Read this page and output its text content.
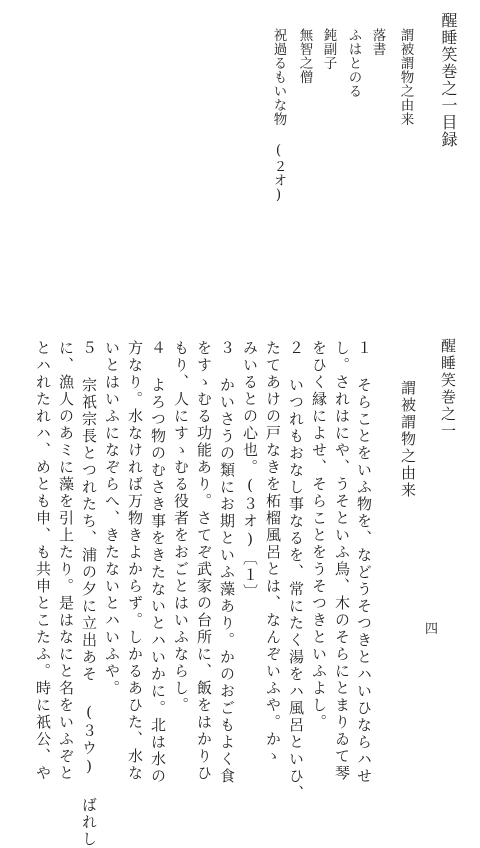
醒睡笑巻之一目録
謂被謂物之由来
落書
ふはとのる
鈍副子
無智之僧
祝過るもいな物 (２オ)
醒睡笑巻之一
謂被謂物之由来
１ そらことをいふ物を、などうそつきとハいひならハせ
し。されはにや、うそといふ鳥、木のそらにとまりゐて琴
をひく縁によせ、そらことをうそつきといふよし。
２ いつれもおなし事なるを、常にたく湯をハ風呂といひ、
たてあけの戸なきを柘榴風呂とは、なんぞいふや。かゝ
みいるとの心也。(３オ)〔１〕
３ かいさうの類にお期といふ藻あり。かのおごもよく食
をすゝむる功能あり。さてぞ武家の台所に、飯をはかりひ
もり、人にすゝむる役者をおごとはいふならし。
４ よろつ物のむさき事をきたないとハいかに。北は水の
方なり。水なければ万物きよからず。しかるあひた、水な
いとはいふになぞらへ、きたないとハいふや。
５ 宗祇宗長とつれたち、浦の夕に立出あそ (３ウ) ばれし
に、漁人のあミに藻を引上たり。是はなにと名をいふぞと
とハれたれハ、めとも申、も共申とこたふ。時に祇公、や	四
